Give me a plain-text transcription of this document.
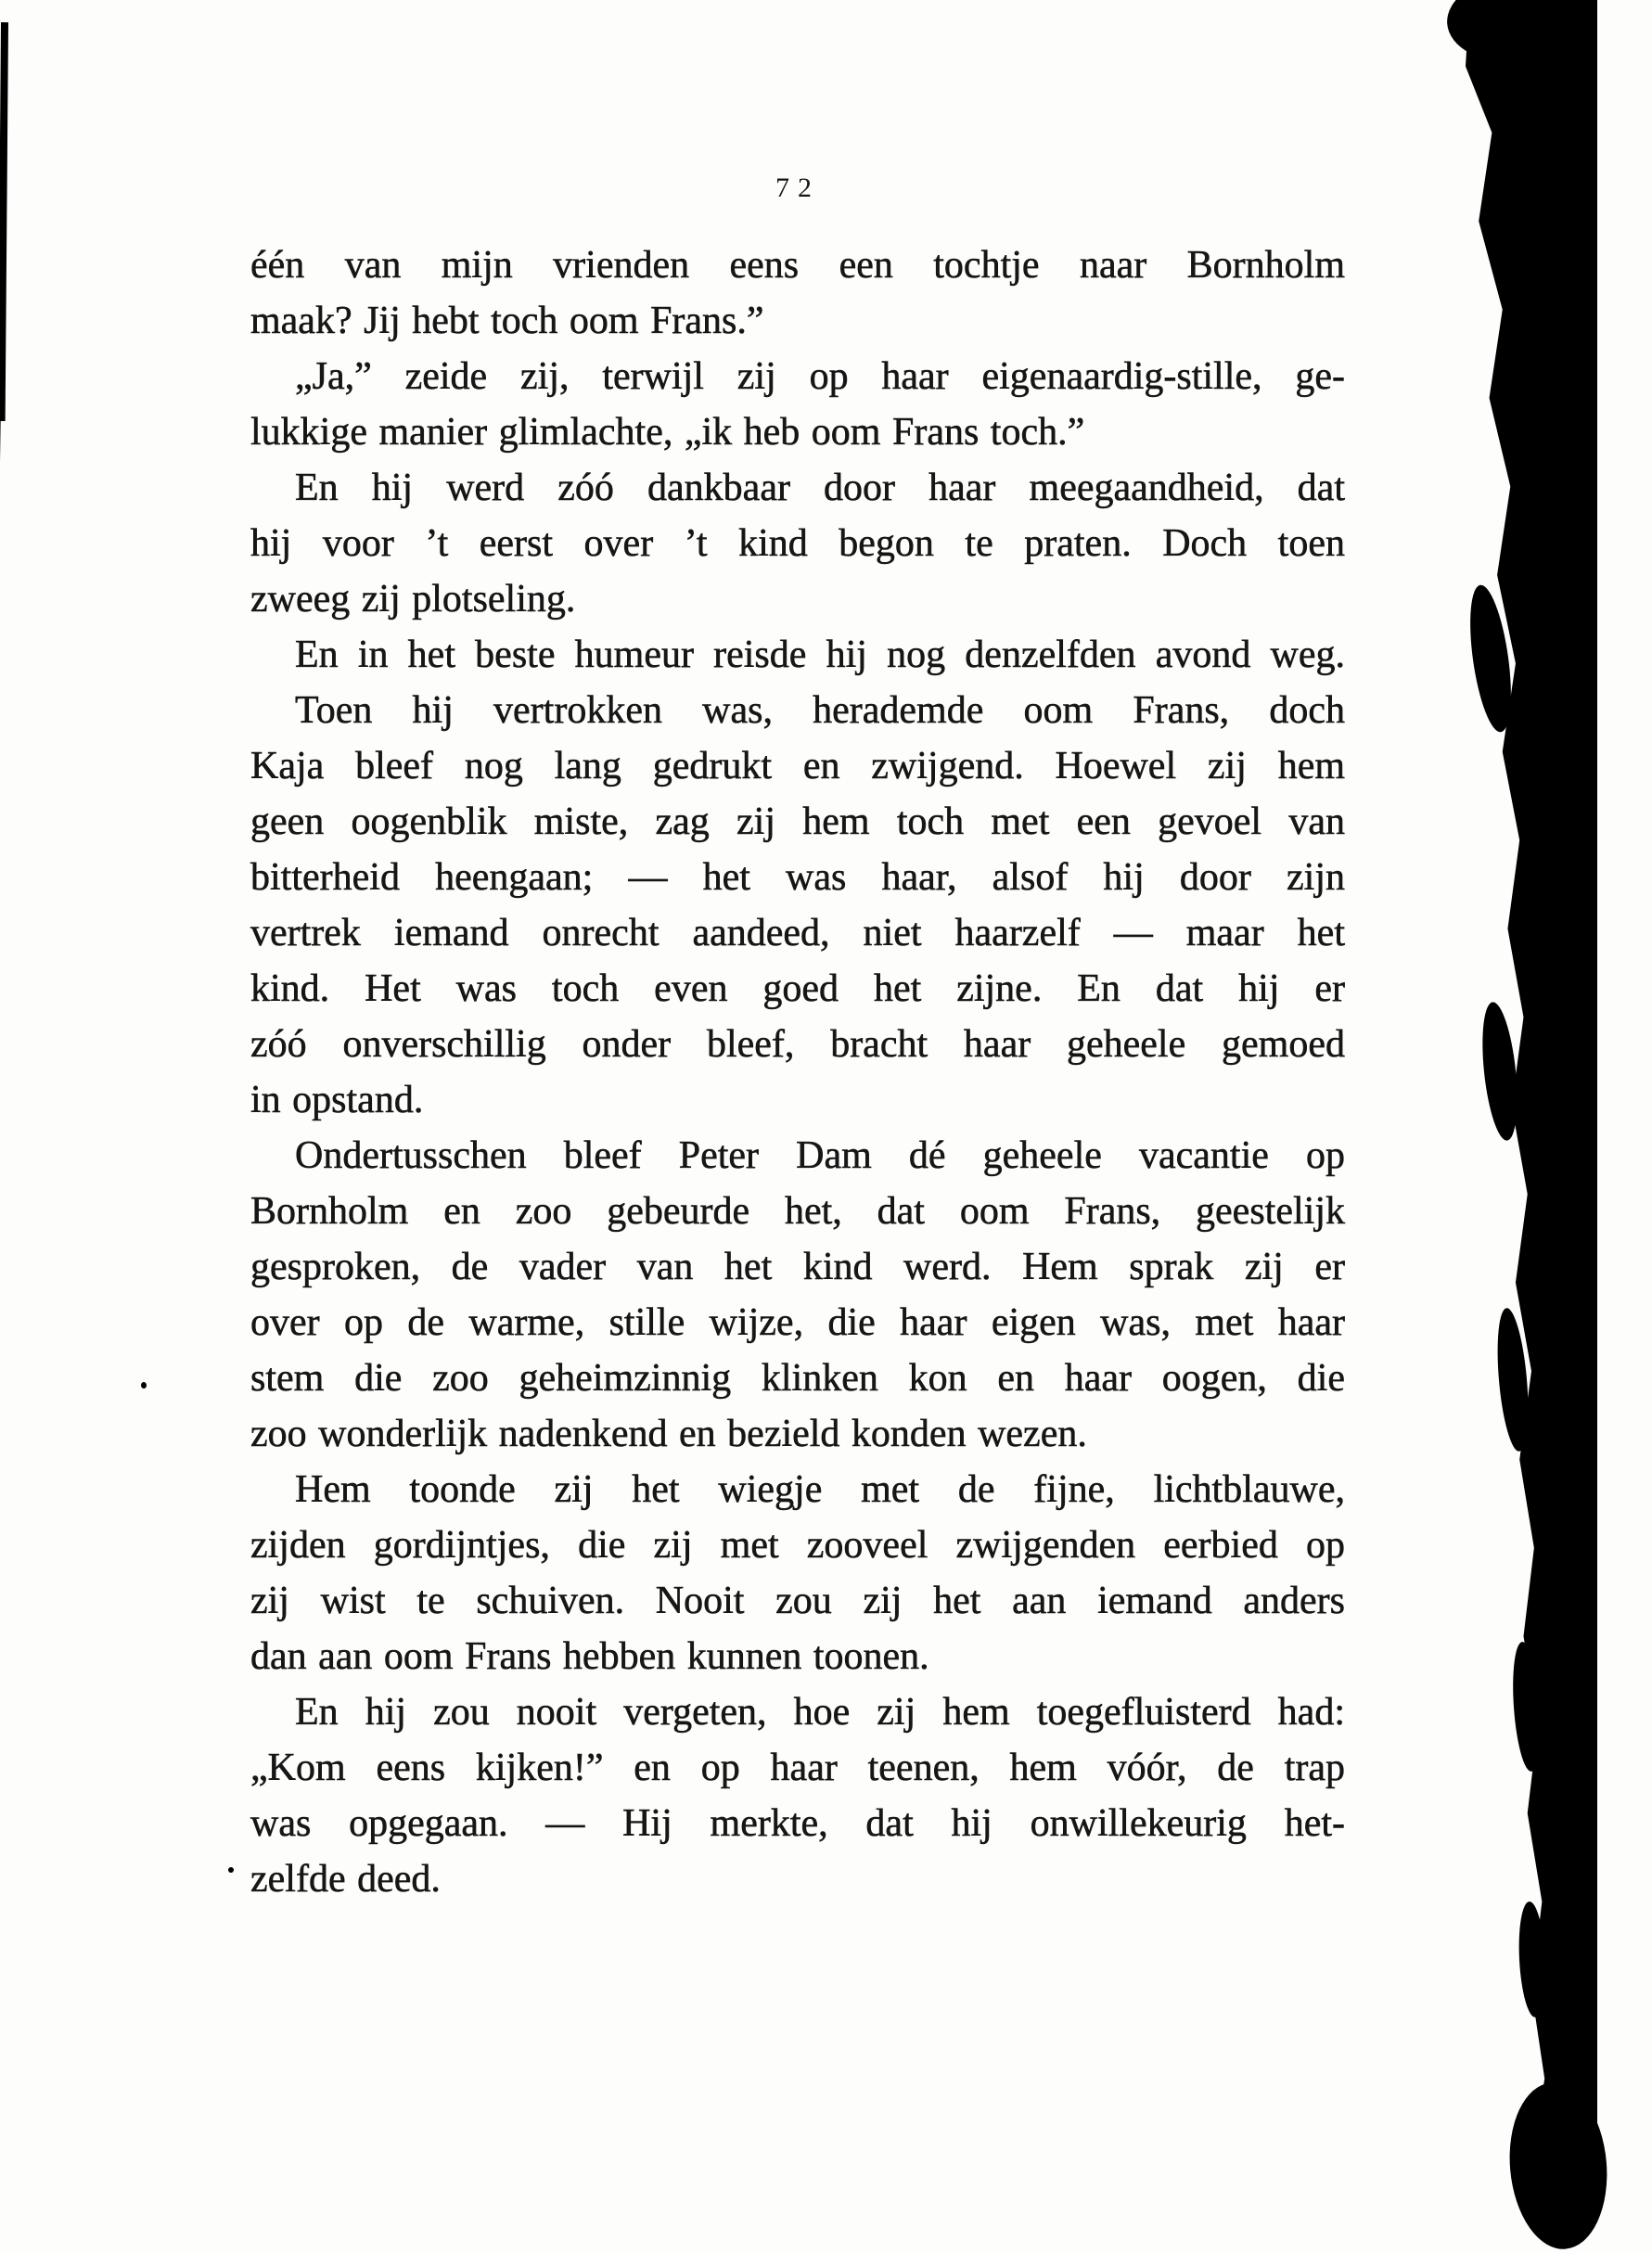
72
één van mijn vrienden eens een tochtje naar Bornholm
maak? Jij hebt toch oom Frans.”
„Ja,” zeide zij, terwijl zij op haar eigenaardig-stille, ge-
lukkige manier glimlachte, „ik heb oom Frans toch.”
En hij werd zóó dankbaar door haar meegaandheid, dat
hij voor ’t eerst over ’t kind begon te praten. Doch toen
zweeg zij plotseling.
En in het beste humeur reisde hij nog denzelfden avond weg.
Toen hij vertrokken was, herademde oom Frans, doch
Kaja bleef nog lang gedrukt en zwijgend. Hoewel zij hem
geen oogenblik miste, zag zij hem toch met een gevoel van
bitterheid heengaan; — het was haar, alsof hij door zijn
vertrek iemand onrecht aandeed, niet haarzelf — maar het
kind. Het was toch even goed het zijne. En dat hij er
zóó onverschillig onder bleef, bracht haar geheele gemoed
in opstand.
Ondertusschen bleef Peter Dam dé geheele vacantie op
Bornholm en zoo gebeurde het, dat oom Frans, geestelijk
gesproken, de vader van het kind werd. Hem sprak zij er
over op de warme, stille wijze, die haar eigen was, met haar
stem die zoo geheimzinnig klinken kon en haar oogen, die
zoo wonderlijk nadenkend en bezield konden wezen.
Hem toonde zij het wiegje met de fijne, lichtblauwe,
zijden gordijntjes, die zij met zooveel zwijgenden eerbied op
zij wist te schuiven. Nooit zou zij het aan iemand anders
dan aan oom Frans hebben kunnen toonen.
En hij zou nooit vergeten, hoe zij hem toegefluisterd had:
„Kom eens kijken!” en op haar teenen, hem vóór, de trap
was opgegaan. — Hij merkte, dat hij onwillekeurig het-
zelfde deed.
